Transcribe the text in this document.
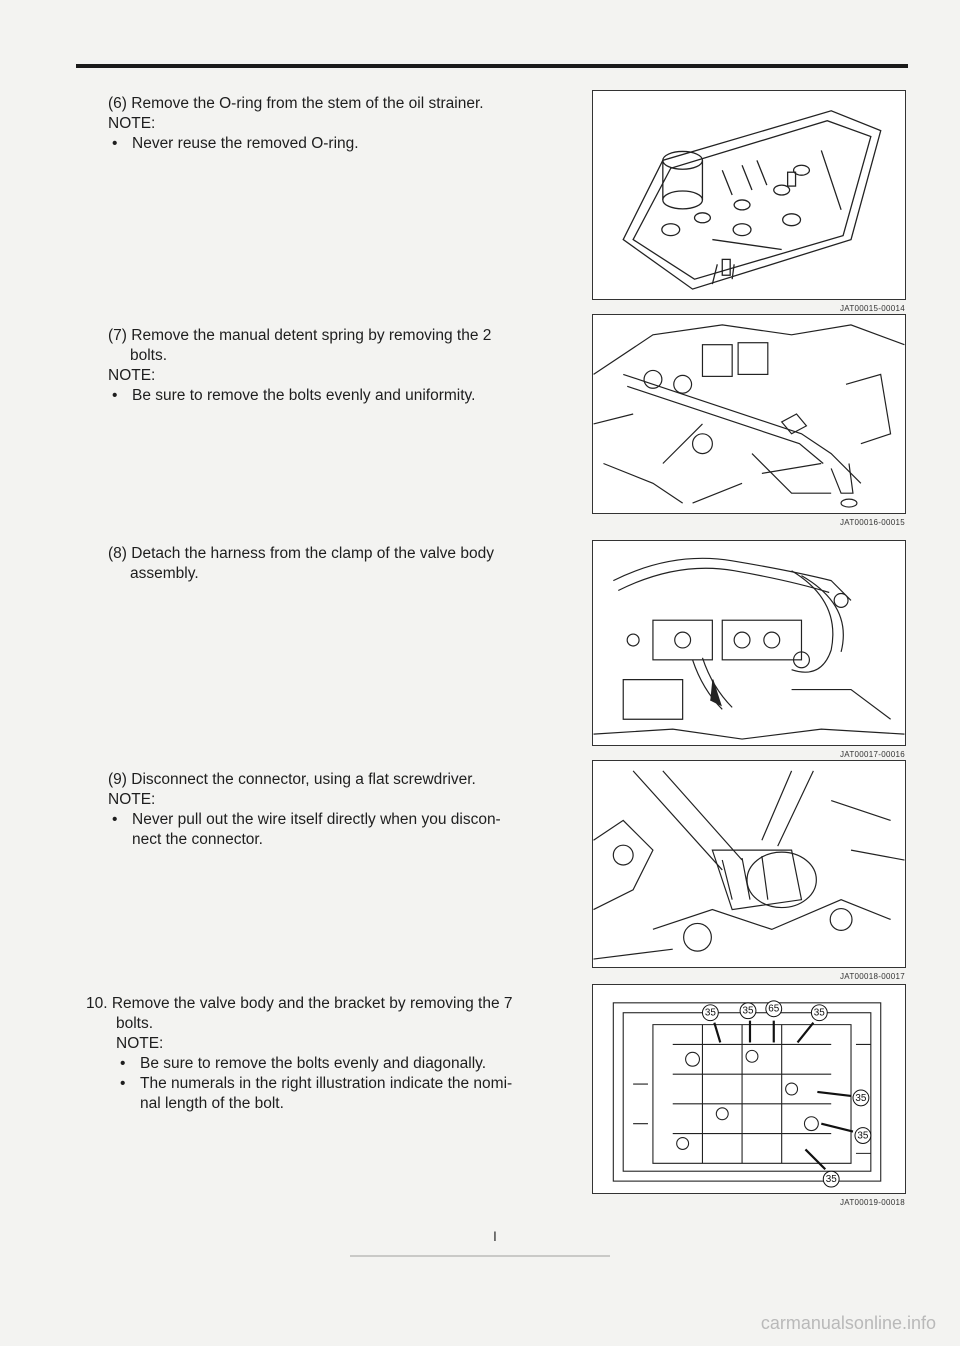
(6) Remove the O-ring from the stem of the oil strainer.
NOTE:
• Never reuse the removed O-ring.
JAT00015-00014
(7) Remove the manual detent spring by removing the 2
bolts.
NOTE:
• Be sure to remove the bolts evenly and uniformity.
JAT00016-00015
(8) Detach the harness from the clamp of the valve body
assembly.
JAT00017-00016
(9) Disconnect the connector, using a flat screwdriver.
NOTE:
• Never pull out the wire itself directly when you discon-
nect the connector.
JAT00018-00017
10. Remove the valve body and the bracket by removing the 7
bolts.
NOTE:
• Be sure to remove the bolts evenly and diagonally.
• The numerals in the right illustration indicate the nomi-
nal length of the bolt.
35	35 65	35
35
35
35
JAT00019-00018
I
carmanualsonline.info
